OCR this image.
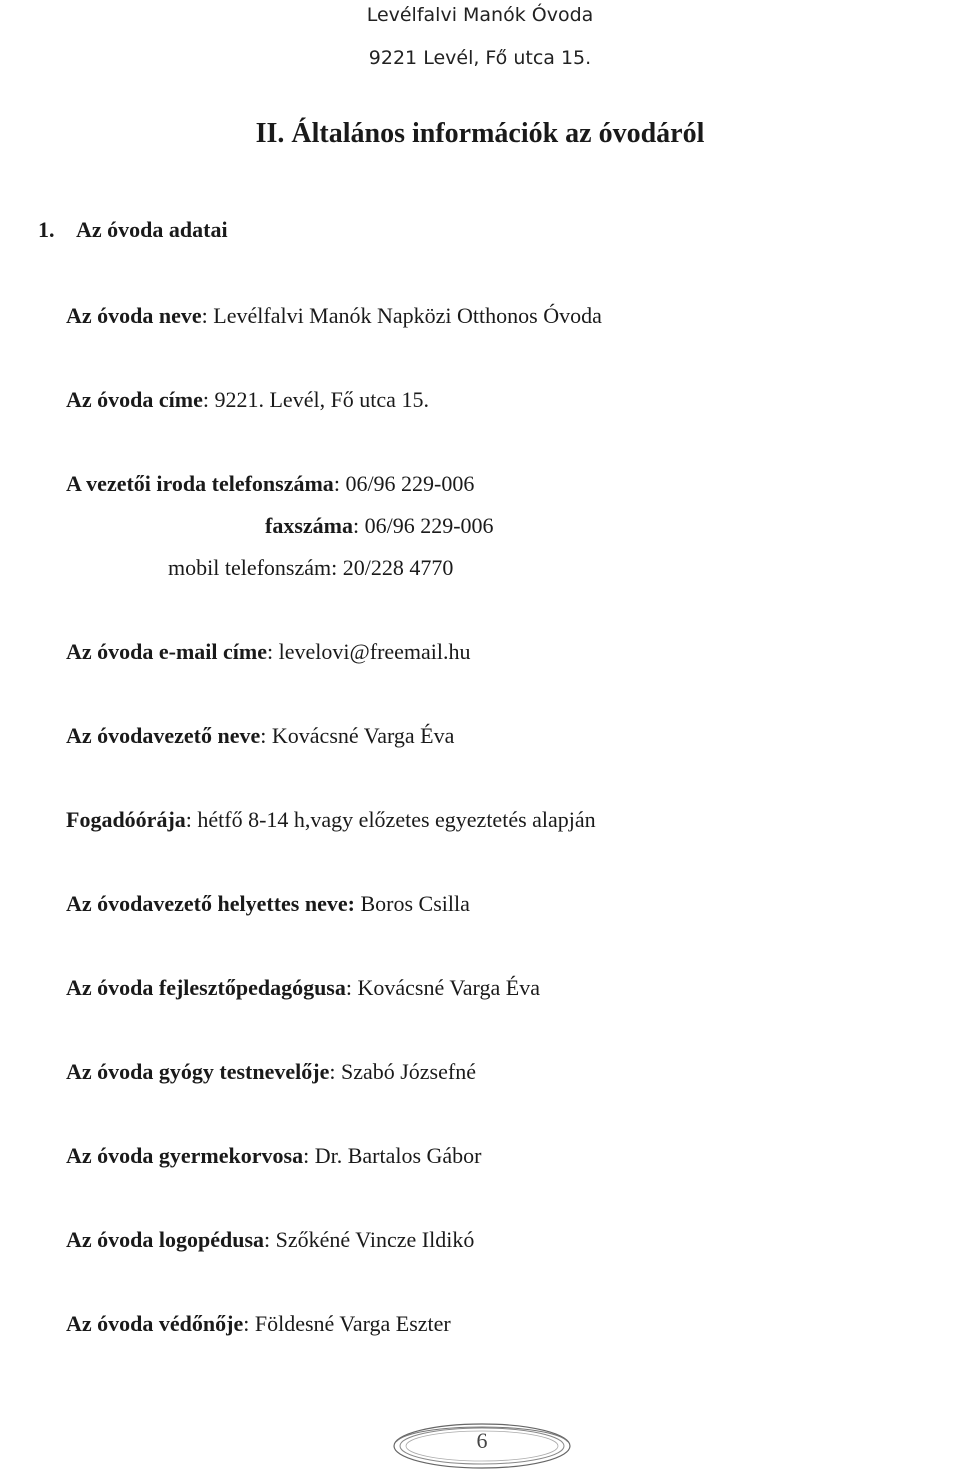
Levélfalvi Manók Óvoda
9221 Levél, Fő utca 15.
II. Általános információk az óvodáról
1. Az óvoda adatai
Az óvoda neve: Levélfalvi Manók Napközi Otthonos Óvoda
Az óvoda címe: 9221. Levél, Fő utca 15.
A vezetői iroda telefonszáma: 06/96 229-006
faxszáma: 06/96 229-006
mobil telefonszám: 20/228 4770
Az óvoda e-mail címe: levelovi@freemail.hu
Az óvodavezető neve: Kovácsné Varga Éva
Fogadóórája: hétfő 8-14 h,vagy előzetes egyeztetés alapján
Az óvodavezető helyettes neve: Boros Csilla
Az óvoda fejlesztőpedagógusa: Kovácsné Varga Éva
Az óvoda gyógy testnevelője: Szabó Józsefné
Az óvoda gyermekorvosa: Dr. Bartalos Gábor
Az óvoda logopédusa: Szőkéné Vincze Ildikó
Az óvoda védőnője: Földesné Varga Eszter
6
